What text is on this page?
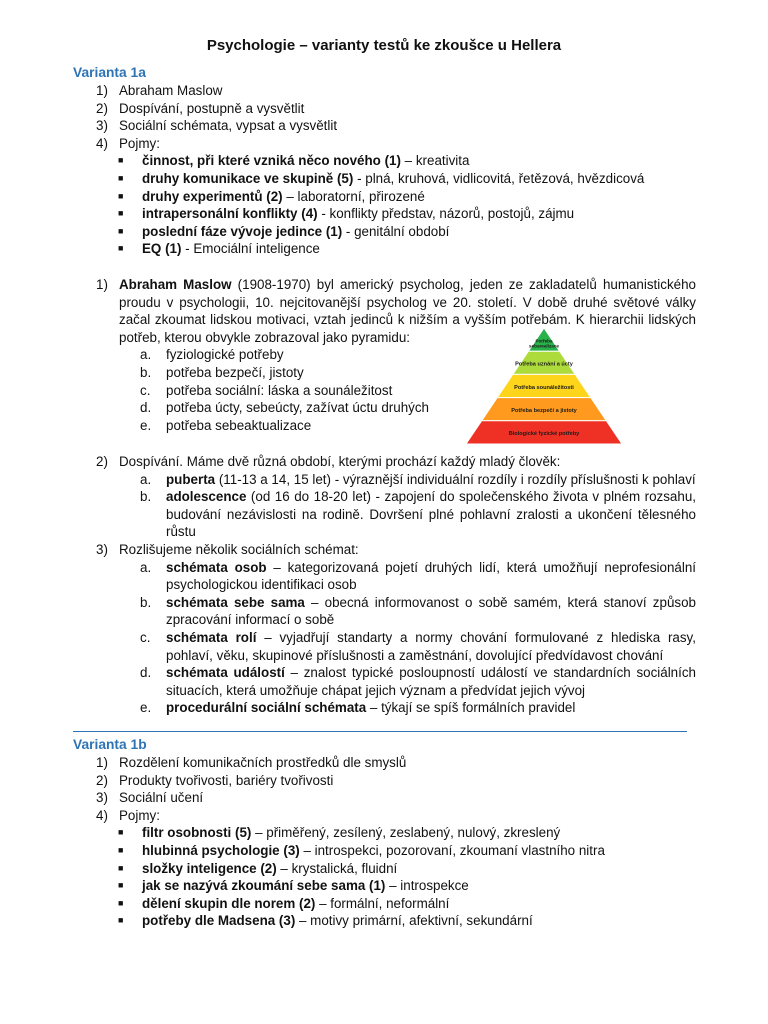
Psychologie – varianty testů ke zkoušce u Hellera
Varianta 1a
1) Abraham Maslow
2) Dospívání, postupně a vysvětlit
3) Sociální schémata, vypsat a vysvětlit
4) Pojmy:
■ činnost, při které vzniká něco nového (1) – kreativita
■ druhy komunikace ve skupině (5) - plná, kruhová, vidlicovitá, řetězová, hvězdicová
■ druhy experimentů (2) – laboratorní, přirozené
■ intrapersonální konflikty (4) - konflikty představ, názorů, postojů, zájmu
■ poslední fáze vývoje jedince (1) - genitální období
■ EQ (1) - Emociální inteligence
1) Abraham Maslow (1908-1970) byl americký psycholog, jeden ze zakladatelů humanistického proudu v psychologii, 10. nejcitovanější psycholog ve 20. století. V době druhé světové války začal zkoumat lidskou motivaci, vztah jedinců k nižším a vyšším potřebám. K hierarchii lidských potřeb, kterou obvykle zobrazoval jako pyramidu:
a. fyziologické potřeby
b. potřeba bezpečí, jistoty
c. potřeba sociální: láska a sounáležitost
d. potřeba úcty, sebeúcty, zažívat úctu druhých
e. potřeba sebeaktualizace
Potřeba sebarealizace
Potřeba uznání a úcty
Potřeba sounáležitosti
Potřeba bezpečí a jistoty
Biologické fyzické potřeby
2) Dospívání. Máme dvě různá období, kterými prochází každý mladý člověk:
a. puberta (11-13 a 14, 15 let) - výraznější individuální rozdíly i rozdíly příslušnosti k pohlaví
b. adolescence (od 16 do 18-20 let) - zapojení do společenského života v plném rozsahu, budování nezávislosti na rodině. Dovršení plné pohlavní zralosti a ukončení tělesného růstu
3) Rozlišujeme několik sociálních schémat:
a. schémata osob – kategorizovaná pojetí druhých lidí, která umožňují neprofesionální psychologickou identifikaci osob
b. schémata sebe sama – obecná informovanost o sobě samém, která stanoví způsob zpracování informací o sobě
c. schémata rolí – vyjadřují standarty a normy chování formulované z hlediska rasy, pohlaví, věku, skupinové příslušnosti a zaměstnání, dovolující předvídavost chování
d. schémata událostí – znalost typické posloupností událostí ve standardních sociálních situacích, která umožňuje chápat jejich význam a předvídat jejich vývoj
e. procedurální sociální schémata – týkají se spíš formálních pravidel
Varianta 1b
1) Rozdělení komunikačních prostředků dle smyslů
2) Produkty tvořivosti, bariéry tvořivosti
3) Sociální učení
4) Pojmy:
■ filtr osobnosti (5) – přiměřený, zesílený, zeslabený, nulový, zkreslený
■ hlubinná psychologie (3) – introspekci, pozorovaní, zkoumaní vlastního nitra
■ složky inteligence (2) – krystalická, fluidní
■ jak se nazývá zkoumání sebe sama (1) – introspekce
■ dělení skupin dle norem (2) – formální, neformální
■ potřeby dle Madsena (3) – motivy primární, afektivní, sekundární
